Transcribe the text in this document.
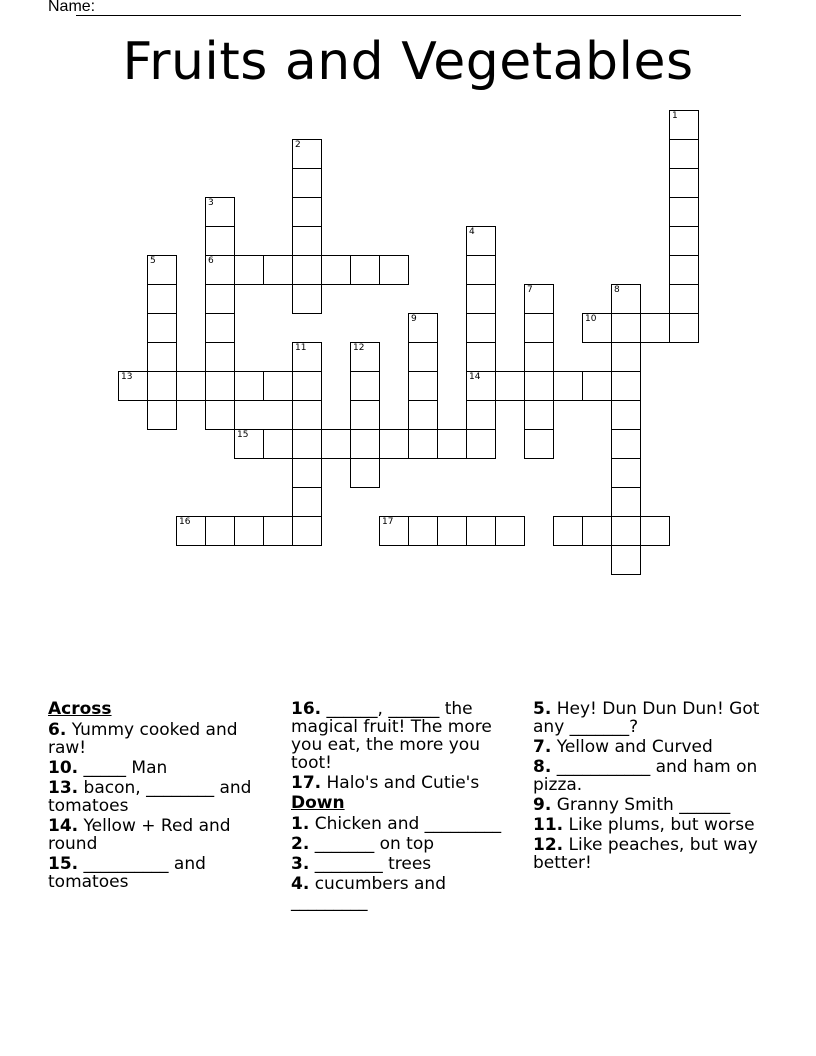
Name:
Fruits and Vegetables
1
2
3
4
5	6
7	8
9	10
11	12
13	14
15
16	17
Across
6. Yummy cooked and raw!
10. _____ Man
13. bacon, ________ and tomatoes
14. Yellow + Red and round
15. __________ and tomatoes
16. ______, ______ the magical fruit! The more you eat, the more you toot!
17. Halo's and Cutie's
Down
1. Chicken and _________
2. _______ on top
3. ________ trees
4. cucumbers and _________
5. Hey! Dun Dun Dun! Got any _______?
7. Yellow and Curved
8. ___________ and ham on pizza.
9. Granny Smith ______
11. Like plums, but worse
12. Like peaches, but way better!
